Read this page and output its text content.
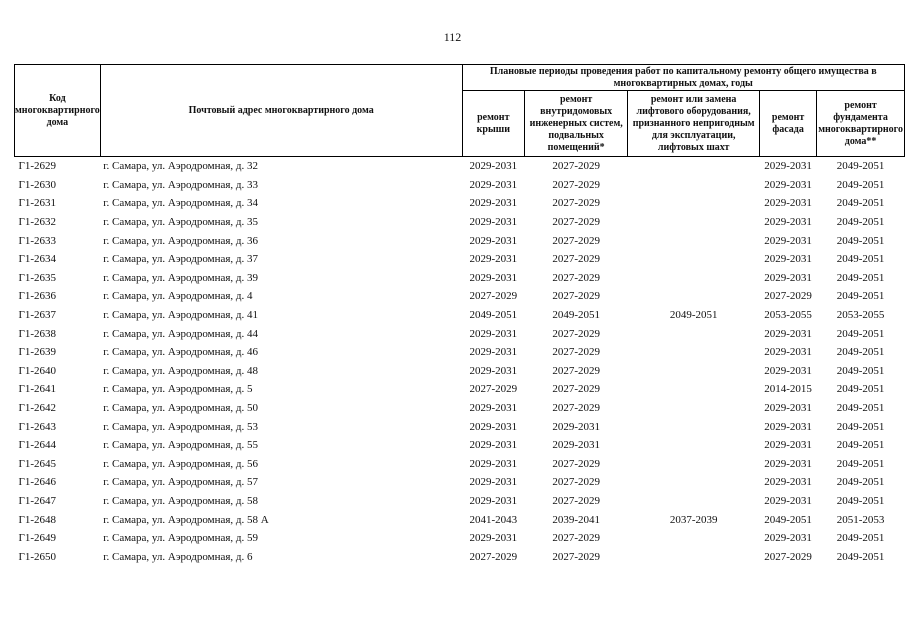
112
Код многоквартирного дома	Почтовый адрес многоквартирного дома	Плановые периоды проведения работ по капитальному ремонту общего имущества в многоквартирных домах, годы				
		ремонт крыши	ремонт внутридомовых инженерных систем, подвальных помещений*	ремонт или замена лифтового оборудования, признанного непригодным для эксплуатации, лифтовых шахт	ремонт фасада	ремонт фундамента многоквартирного дома**
Г1-2629	г. Самара, ул. Аэродромная, д. 32	2029-2031	2027-2029		2029-2031	2049-2051
Г1-2630	г. Самара, ул. Аэродромная, д. 33	2029-2031	2027-2029		2029-2031	2049-2051
Г1-2631	г. Самара, ул. Аэродромная, д. 34	2029-2031	2027-2029		2029-2031	2049-2051
Г1-2632	г. Самара, ул. Аэродромная, д. 35	2029-2031	2027-2029		2029-2031	2049-2051
Г1-2633	г. Самара, ул. Аэродромная, д. 36	2029-2031	2027-2029		2029-2031	2049-2051
Г1-2634	г. Самара, ул. Аэродромная, д. 37	2029-2031	2027-2029		2029-2031	2049-2051
Г1-2635	г. Самара, ул. Аэродромная, д. 39	2029-2031	2027-2029		2029-2031	2049-2051
Г1-2636	г. Самара, ул. Аэродромная, д. 4	2027-2029	2027-2029		2027-2029	2049-2051
Г1-2637	г. Самара, ул. Аэродромная, д. 41	2049-2051	2049-2051	2049-2051	2053-2055	2053-2055
Г1-2638	г. Самара, ул. Аэродромная, д. 44	2029-2031	2027-2029		2029-2031	2049-2051
Г1-2639	г. Самара, ул. Аэродромная, д. 46	2029-2031	2027-2029		2029-2031	2049-2051
Г1-2640	г. Самара, ул. Аэродромная, д. 48	2029-2031	2027-2029		2029-2031	2049-2051
Г1-2641	г. Самара, ул. Аэродромная, д. 5	2027-2029	2027-2029		2014-2015	2049-2051
Г1-2642	г. Самара, ул. Аэродромная, д. 50	2029-2031	2027-2029		2029-2031	2049-2051
Г1-2643	г. Самара, ул. Аэродромная, д. 53	2029-2031	2029-2031		2029-2031	2049-2051
Г1-2644	г. Самара, ул. Аэродромная, д. 55	2029-2031	2029-2031		2029-2031	2049-2051
Г1-2645	г. Самара, ул. Аэродромная, д. 56	2029-2031	2027-2029		2029-2031	2049-2051
Г1-2646	г. Самара, ул. Аэродромная, д. 57	2029-2031	2027-2029		2029-2031	2049-2051
Г1-2647	г. Самара, ул. Аэродромная, д. 58	2029-2031	2027-2029		2029-2031	2049-2051
Г1-2648	г. Самара, ул. Аэродромная, д. 58 А	2041-2043	2039-2041	2037-2039	2049-2051	2051-2053
Г1-2649	г. Самара, ул. Аэродромная, д. 59	2029-2031	2027-2029		2029-2031	2049-2051
Г1-2650	г. Самара, ул. Аэродромная, д. 6	2027-2029	2027-2029		2027-2029	2049-2051
